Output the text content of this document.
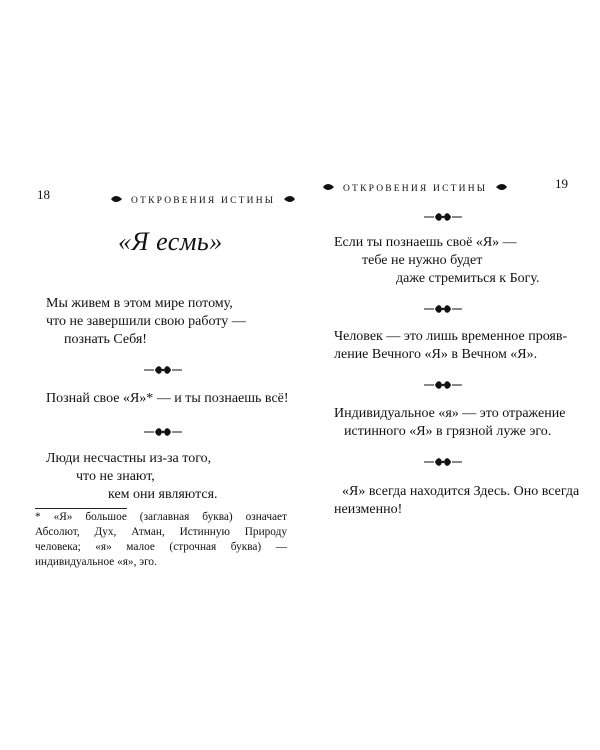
18	ОТКРОВЕНИЯ ИСТИНЫ
«Я есмь»
Мы живем в этом мире потому,
что не завершили свою работу —
познать Себя!
Познай свое «Я»* — и ты познаешь всё!
Люди несчастны из-за того,
что не знают,
кем они являются.
* «Я» большое (заглавная буква) означает
Абсолют, Дух, Атман, Истинную Природу
человека; «я» малое (строчная буква) —
индивидуальное «я», эго.
ОТКРОВЕНИЯ ИСТИНЫ	19
Если ты познаешь своё «Я» —
тебе не нужно будет
даже стремиться к Богу.
Человек — это лишь временное прояв-
ление Вечного «Я» в Вечном «Я».
Индивидуальное «я» — это отражение
истинного «Я» в грязной луже эго.
«Я» всегда находится Здесь. Оно всегда
неизменно!
